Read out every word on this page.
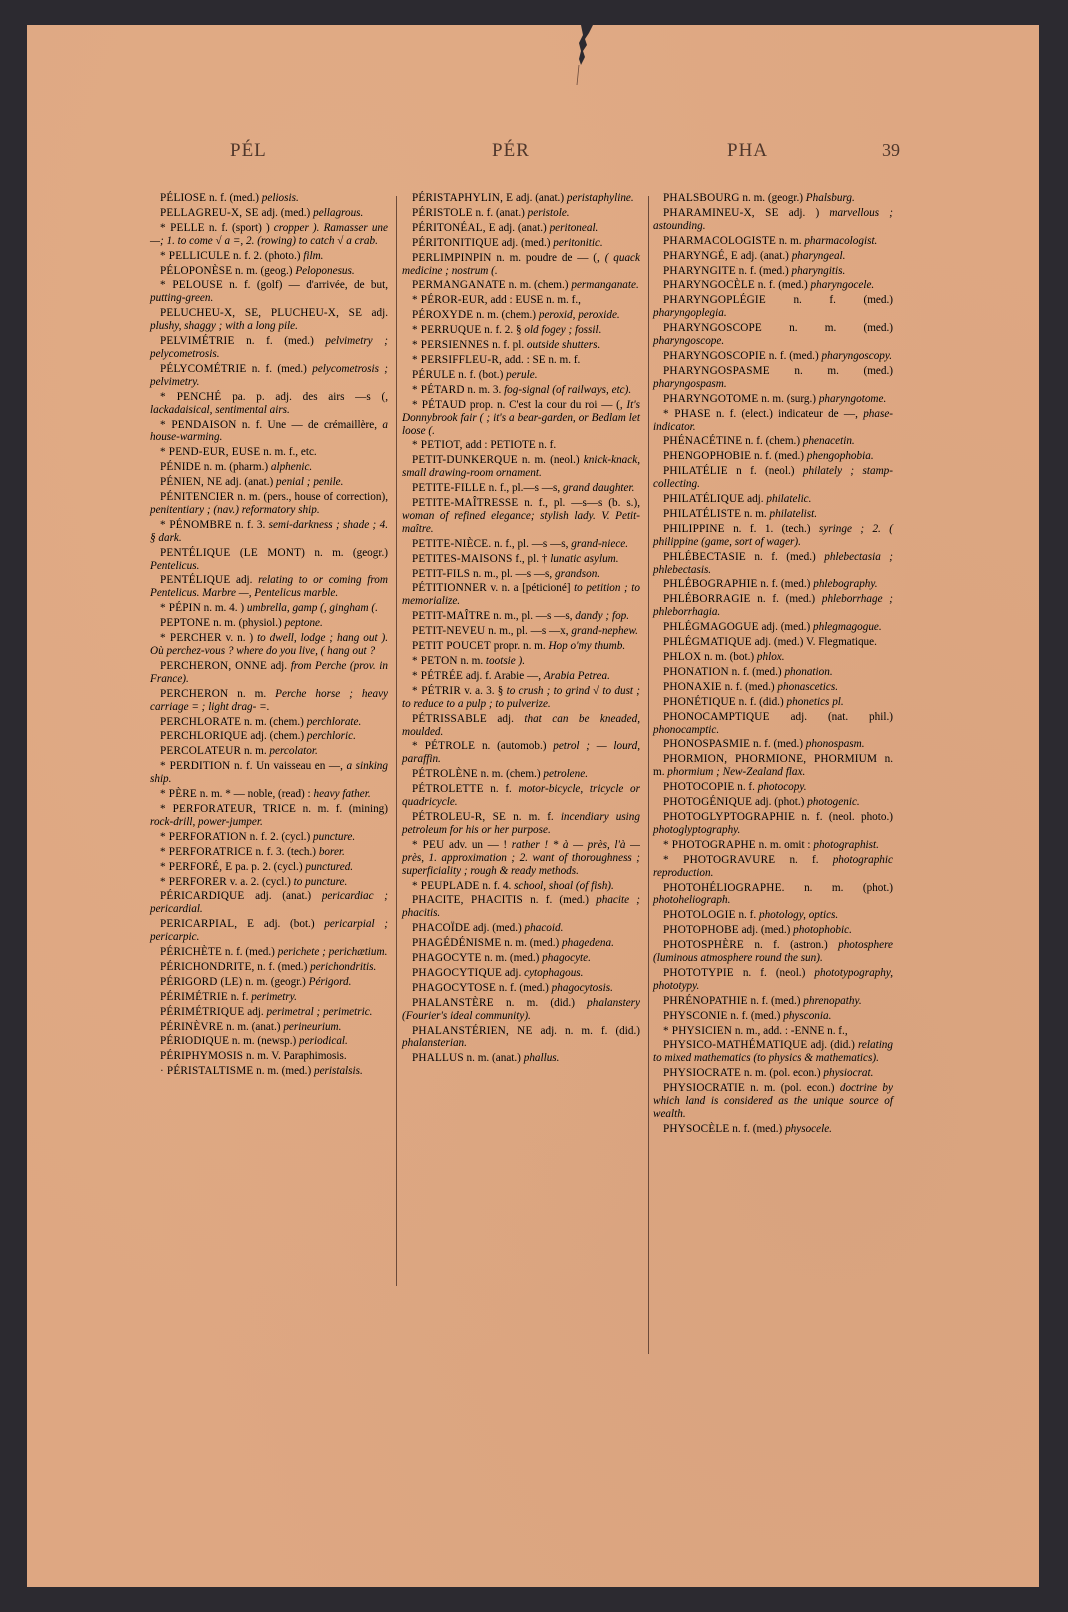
PÉL	PÉR	PHA	39

PÉLIOSE n. f. (med.) peliosis.

PELLAGREU-X, SE adj. (med.) pellagrous.

* PELLE n. f. (sport) ) cropper ). Ramasser une —; 1. to come √ a =, 2. (rowing) to catch √ a crab.

* PELLICULE n. f. 2. (photo.) film.

PÉLOPONÈSE n. m. (geog.) Peloponesus.

* PELOUSE n. f. (golf) — d'arrivée, de but, putting-green.

PELUCHEU-X, SE, PLUCHEU-X, SE adj. plushy, shaggy ; with a long pile.

PELVIMÉTRIE n. f. (med.) pelvimetry ; pelycometrosis.

PÉLYCOMÉTRIE n. f. (med.) pelycometrosis ; pelvimetry.

* PENCHÉ pa. p. adj. des airs —s (, lackadaisical, sentimental airs.

* PENDAISON n. f. Une — de crémaillère, a house-warming.

* PEND-EUR, EUSE n. m. f., etc.

PÉNIDE n. m. (pharm.) alphenic.

PÉNIEN, NE adj. (anat.) penial ; penile.

PÉNITENCIER n. m. (pers., house of correction), penitentiary ; (nav.) reformatory ship.

* PÉNOMBRE n. f. 3. semi-darkness ; shade ; 4. § dark.

PENTÉLIQUE (LE MONT) n. m. (geogr.) Pentelicus.

PENTÉLIQUE adj. relating to or coming from Pentelicus. Marbre —, Pentelicus marble.

* PÉPIN n. m. 4. ) umbrella, gamp (, gingham (.

PEPTONE n. m. (physiol.) peptone.

* PERCHER v. n. ) to dwell, lodge ; hang out ). Où perchez-vous ? where do you live, ( hang out ?

PERCHERON, ONNE adj. from Perche (prov. in France).

PERCHERON n. m. Perche horse ; heavy carriage = ; light drag- =.

PERCHLORATE n. m. (chem.) perchlorate.

PERCHLORIQUE adj. (chem.) perchloric.

PERCOLATEUR n. m. percolator.

* PERDITION n. f. Un vaisseau en —, a sinking ship.

* PÈRE n. m. * — noble, (read) : heavy father.

* PERFORATEUR, TRICE n. m. f. (mining) rock-drill, power-jumper.

* PERFORATION n. f. 2. (cycl.) puncture.

* PERFORATRICE n. f. 3. (tech.) borer.

* PERFORÉ, E pa. p. 2. (cycl.) punctured.

* PERFORER v. a. 2. (cycl.) to puncture.

PÉRICARDIQUE adj. (anat.) pericardiac ; pericardial.

PERICARPIAL, E adj. (bot.) pericarpial ; pericarpic.

PÉRICHÈTE n. f. (med.) perichete ; perichætium.

PÉRICHONDRITE, n. f. (med.) perichondritis.

PÉRIGORD (LE) n. m. (geogr.) Périgord.

PÉRIMÉTRIE n. f. perimetry.

PÉRIMÉTRIQUE adj. perimetral ; perimetric.

PÉRINÈVRE n. m. (anat.) perineurium.

PÉRIODIQUE n. m. (newsp.) periodical.

PÉRIPHYMOSIS n. m. V. Paraphimosis.

· PÉRISTALTISME n. m. (med.) peristalsis.

PÉRISTAPHYLIN, E adj. (anat.) peristaphyline.

PÉRISTOLE n. f. (anat.) peristole.

PÉRITONÉAL, E adj. (anat.) peritoneal.

PÉRITONITIQUE adj. (med.) peritonitic.

PERLIMPINPIN n. m. poudre de — (, ( quack medicine ; nostrum (.

PERMANGANATE n. m. (chem.) permanganate.

* PÉROR-EUR, add : EUSE n. m. f.,

PÉROXYDE n. m. (chem.) peroxid, peroxide.

* PERRUQUE n. f. 2. § old fogey ; fossil.

* PERSIENNES n. f. pl. outside shutters.

* PERSIFFLEU-R, add. : SE n. m. f.

PÉRULE n. f. (bot.) perule.

* PÉTARD n. m. 3. fog-signal (of railways, etc).

* PÉTAUD prop. n. C'est la cour du roi — (, It's Donnybrook fair ( ; it's a bear-garden, or Bedlam let loose (.

* PETIOT, add : PETIOTE n. f.

PETIT-DUNKERQUE n. m. (neol.) knick-knack, small drawing-room ornament.

PETITE-FILLE n. f., pl.—s —s, grand daughter.

PETITE-MAÎTRESSE n. f., pl. —s—s (b. s.), woman of refined elegance; stylish lady. V. Petit-maître.

PETITE-NIÈCE. n. f., pl. —s —s, grand-niece.

PETITES-MAISONS f., pl. † lunatic asylum.

PETIT-FILS n. m., pl. —s —s, grandson.

PÉTITIONNER v. n. a [péticioné] to petition ; to memorialize.

PETIT-MAÎTRE n. m., pl. —s —s, dandy ; fop.

PETIT-NEVEU n. m., pl. —s —x, grand-nephew.

PETIT POUCET propr. n. m. Hop o'my thumb.

* PETON n. m. tootsie ).

* PÉTRÉE adj. f. Arabie —, Arabia Petrea.

* PÉTRIR v. a. 3. § to crush ; to grind √ to dust ; to reduce to a pulp ; to pulverize.

PÉTRISSABLE adj. that can be kneaded, moulded.

* PÉTROLE n. (automob.) petrol ; — lourd, paraffin.

PÉTROLÈNE n. m. (chem.) petrolene.

PÉTROLETTE n. f. motor-bicycle, tricycle or quadricycle.

PÉTROLEU-R, SE n. m. f. incendiary using petroleum for his or her purpose.

* PEU adv. un — ! rather ! * à — près, l'à — près, 1. approximation ; 2. want of thoroughness ; superficiality ; rough & ready methods.

* PEUPLADE n. f. 4. school, shoal (of fish).

PHACITE, PHACITIS n. f. (med.) phacite ; phacitis.

PHACOÏDE adj. (med.) phacoid.

PHAGÉDÉNISME n. m. (med.) phagedena.

PHAGOCYTE n. m. (med.) phagocyte.

PHAGOCYTIQUE adj. cytophagous.

PHAGOCYTOSE n. f. (med.) phagocytosis.

PHALANSTÈRE n. m. (did.) phalanstery (Fourier's ideal community).

PHALANSTÉRIEN, NE adj. n. m. f. (did.) phalansterian.

PHALLUS n. m. (anat.) phallus.

PHALSBOURG n. m. (geogr.) Phalsburg.

PHARAMINEU-X, SE adj. ) marvellous ; astounding.

PHARMACOLOGISTE n. m. pharmacologist.

PHARYNGÉ, E adj. (anat.) pharyngeal.

PHARYNGITE n. f. (med.) pharyngitis.

PHARYNGOCÈLE n. f. (med.) pharyngocele.

PHARYNGOPLÉGIE n. f. (med.) pharyngoplegia.

PHARYNGOSCOPE n. m. (med.) pharyngoscope.

PHARYNGOSCOPIE n. f. (med.) pharyngoscopy.

PHARYNGOSPASME n. m. (med.) pharyngospasm.

PHARYNGOTOME n. m. (surg.) pharyngotome.

* PHASE n. f. (elect.) indicateur de —, phase-indicator.

PHÉNACÉTINE n. f. (chem.) phenacetin.

PHENGOPHOBIE n. f. (med.) phengophobia.

PHILATÉLIE n f. (neol.) philately ; stamp-collecting.

PHILATÉLIQUE adj. philatelic.

PHILATÉLISTE n. m. philatelist.

PHILIPPINE n. f. 1. (tech.) syringe ; 2. ( philippine (game, sort of wager).

PHLÉBECTASIE n. f. (med.) phlebectasia ; phlebectasis.

PHLÉBOGRAPHIE n. f. (med.) phlebography.

PHLÉBORRAGIE n. f. (med.) phleborrhage ; phleborrhagia.

PHLÉGMAGOGUE adj. (med.) phlegmagogue.

PHLÉGMATIQUE adj. (med.) V. Flegmatique.

PHLOX n. m. (bot.) phlox.

PHONATION n. f. (med.) phonation.

PHONAXIE n. f. (med.) phonascetics.

PHONÉTIQUE n. f. (did.) phonetics pl.

PHONOCAMPTIQUE adj. (nat. phil.) phonocamptic.

PHONOSPASMIE n. f. (med.) phonospasm.

PHORMION, PHORMIONE, PHORMIUM n. m. phormium ; New-Zealand flax.

PHOTOCOPIE n. f. photocopy.

PHOTOGÉNIQUE adj. (phot.) photogenic.

PHOTOGLYPTOGRAPHIE n. f. (neol. photo.) photoglyptography.

* PHOTOGRAPHE n. m. omit : photographist.

* PHOTOGRAVURE n. f. photographic reproduction.

PHOTOHÉLIOGRAPHE. n. m. (phot.) photoheliograph.

PHOTOLOGIE n. f. photology, optics.

PHOTOPHOBE adj. (med.) photophobic.

PHOTOSPHÈRE n. f. (astron.) photosphere (luminous atmosphere round the sun).

PHOTOTYPIE n. f. (neol.) phototypography, phototypy.

PHRÉNOPATHIE n. f. (med.) phrenopathy.

PHYSCONIE n. f. (med.) physconia.

* PHYSICIEN n. m., add. : -ENNE n. f.,

PHYSICO-MATHÉMATIQUE adj. (did.) relating to mixed mathematics (to physics & mathematics).

PHYSIOCRATE n. m. (pol. econ.) physiocrat.

PHYSIOCRATIE n. m. (pol. econ.) doctrine by which land is considered as the unique source of wealth.

PHYSOCÈLE n. f. (med.) physocele.
